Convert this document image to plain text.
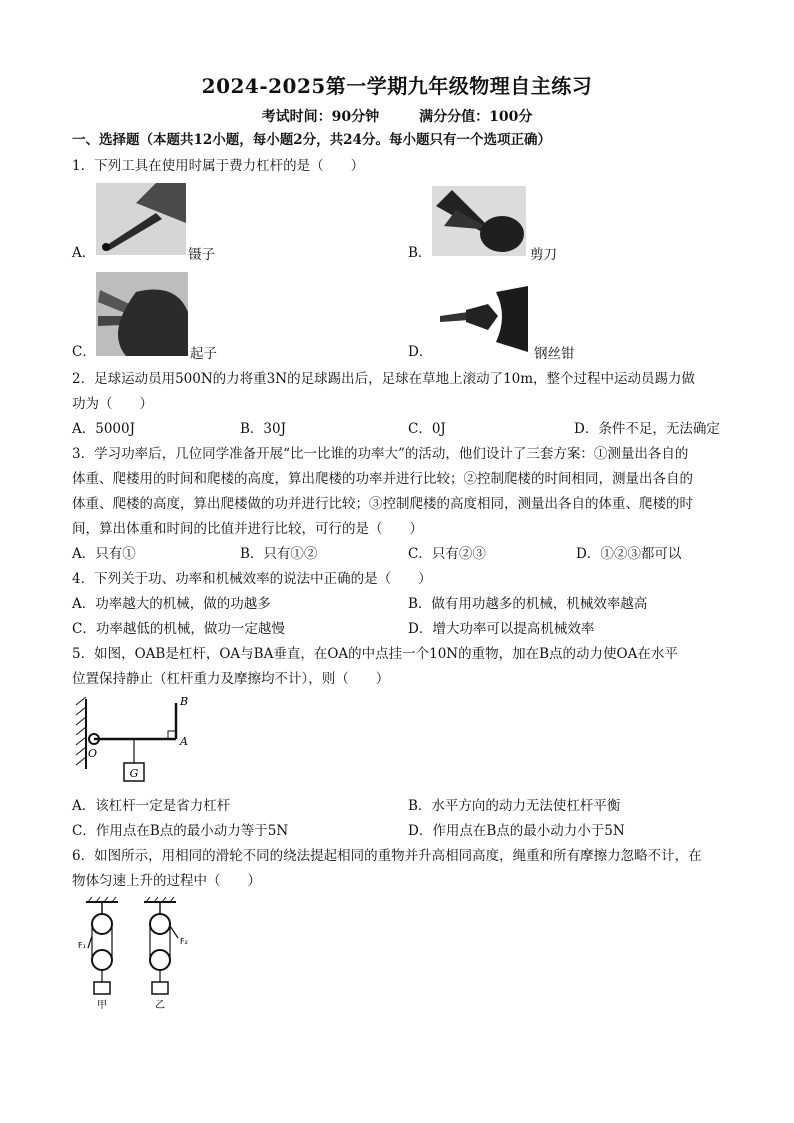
2024-2025第一学期九年级物理自主练习
考试时间：90分钟	满分分值：100分
一、选择题（本题共12小题，每小题2分，共24分。每小题只有一个选项正确）
1．下列工具在使用时属于费力杠杆的是（　　）
A．	镊子	B．	剪刀
C．	起子	D．	钢丝钳
2．足球运动员用500N的力将重3N的足球踢出后，足球在草地上滚动了10m，整个过程中运动员踢力做
功为（　　）
A．5000J	B．30J	C．0J	D．条件不足，无法确定
3．学习功率后，几位同学准备开展“比一比谁的功率大”的活动，他们设计了三套方案：①测量出各自的
体重、爬楼用的时间和爬楼的高度，算出爬楼的功率并进行比较；②控制爬楼的时间相同，测量出各自的
体重、爬楼的高度，算出爬楼做的功并进行比较；③控制爬楼的高度相同，测量出各自的体重、爬楼的时
间，算出体重和时间的比值并进行比较，可行的是（　　）
A．只有①	B．只有①②	C．只有②③	D．①②③都可以
4．下列关于功、功率和机械效率的说法中正确的是（　　）
A．功率越大的机械，做的功越多	B．做有用功越多的机械，机械效率越高
C．功率越低的机械，做功一定越慢	D．增大功率可以提高机械效率
5．如图，OAB是杠杆，OA与BA垂直，在OA的中点挂一个10N的重物，加在B点的动力使OA在水平
位置保持静止（杠杆重力及摩擦均不计），则（　　）
G
B
A
O
A．该杠杆一定是省力杠杆	B．水平方向的动力无法使杠杆平衡
C．作用点在B点的最小动力等于5N	D．作用点在B点的最小动力小于5N
6．如图所示，用相同的滑轮不同的绕法提起相同的重物并升高相同高度，绳重和所有摩擦力忽略不计，在
物体匀速上升的过程中（　　）
F₁
甲
F₂
乙
